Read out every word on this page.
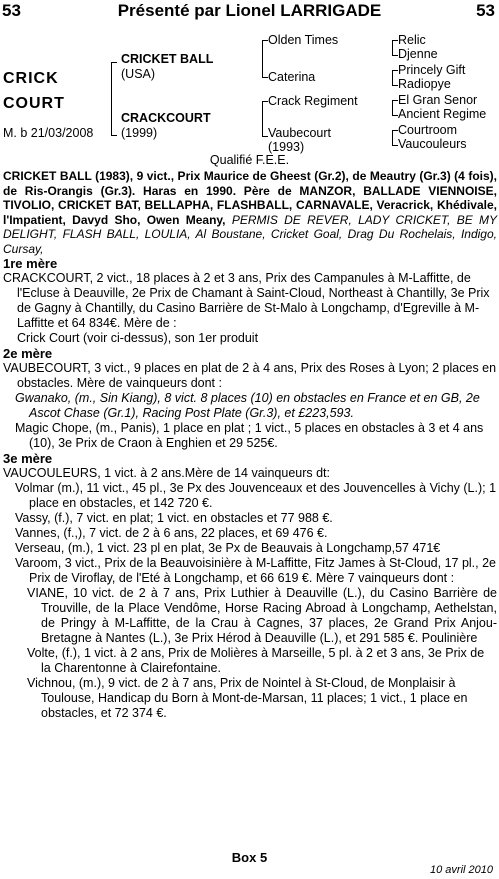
53	Présenté par Lionel LARRIGADE	53
CRICK
COURT
M. b 21/03/2008
CRICKET BALL
(USA)
CRACKCOURT
(1999)
Olden Times
Caterina
Crack Regiment
Vaubecourt
(1993)
Relic
Djenne
Princely Gift
Radiopye
El Gran Senor
Ancient Regime
Courtroom
Vaucouleurs
Qualifié F.E.E.

CRICKET BALL (1983), 9 vict., Prix Maurice de Gheest (Gr.2), de Meautry (Gr.3) (4 fois), de Ris-Orangis (Gr.3). Haras en 1990. Père de MANZOR, BALLADE VIENNOISE, TIVOLIO, CRICKET BAT, BELLAPHA, FLASHBALL, CARNAVALE, Veracrick, Khédivale, l'Impatient, Davyd Sho, Owen Meany, PERMIS DE REVER, LADY CRICKET, BE MY DELIGHT, FLASH BALL, LOULIA, Al Boustane, Cricket Goal, Drag Du Rochelais, Indigo, Cursay,

1re mère

CRACKCOURT, 2 vict., 18 places à 2 et 3 ans, Prix des Campanules à M-Laffitte, de l'Ecluse à Deauville, 2e Prix de Chamant à Saint-Cloud, Northeast à Chantilly, 3e Prix de Gagny à Chantilly, du Casino Barrière de St-Malo à Longchamp, d'Egreville à M-Laffitte et 64 834€. Mère de :

Crick Court (voir ci-dessus), son 1er produit

2e mère

VAUBECOURT, 3 vict., 9 places en plat de 2 à 4 ans, Prix des Roses à Lyon; 2 places en obstacles. Mère de vainqueurs dont :

Gwanako, (m., Sin Kiang), 8 vict. 8 places (10) en obstacles en France et en GB, 2e Ascot Chase (Gr.1), Racing Post Plate (Gr.3), et £223,593.

Magic Chope, (m., Panis), 1 place en plat ; 1 vict., 5 places en obstacles à 3 et 4 ans (10), 3e Prix de Craon à Enghien et 29 525€.

3e mère

VAUCOULEURS, 1 vict. à 2 ans.Mère de 14 vainqueurs dt:

Volmar (m.), 11 vict., 45 pl., 3e Px des Jouvenceaux et des Jouvencelles à Vichy (L.); 1 place en obstacles, et 142 720 €.

Vassy, (f.), 7 vict. en plat; 1 vict. en obstacles et 77 988 €.

Vannes, (f.,), 7 vict. de 2 à 6 ans, 22 places, et 69 476 €.

Verseau, (m.), 1 vict. 23 pl en plat, 3e Px de Beauvais à Longchamp,57 471€

Varoom, 3 vict., Prix de la Beauvoisinière à M-Laffitte, Fitz James à St-Cloud, 17 pl., 2e Prix de Viroflay, de l'Eté à Longchamp, et 66 619 €. Mère 7 vainqueurs dont :

VIANE, 10 vict. de 2 à 7 ans, Prix Luthier à Deauville (L.), du Casino Barrière de Trouville, de la Place Vendôme, Horse Racing Abroad à Longchamp, Aethelstan, de Pringy à M-Laffitte, de la Crau à Cagnes, 37 places, 2e Grand Prix Anjou-Bretagne à Nantes (L.), 3e Prix Hérod à Deauville (L.), et 291 585 €. Poulinière

Volte, (f.), 1 vict. à 2 ans, Prix de Molières à Marseille, 5 pl. à 2 et 3 ans, 3e Prix de la Charentonne à Clairefontaine.

Vichnou, (m.), 9 vict. de 2 à 7 ans, Prix de Nointel à St-Cloud, de Monplaisir à Toulouse, Handicap du Born à Mont-de-Marsan, 11 places; 1 vict., 1 place en obstacles, et 72 374 €.

Box 5
10 avril 2010
